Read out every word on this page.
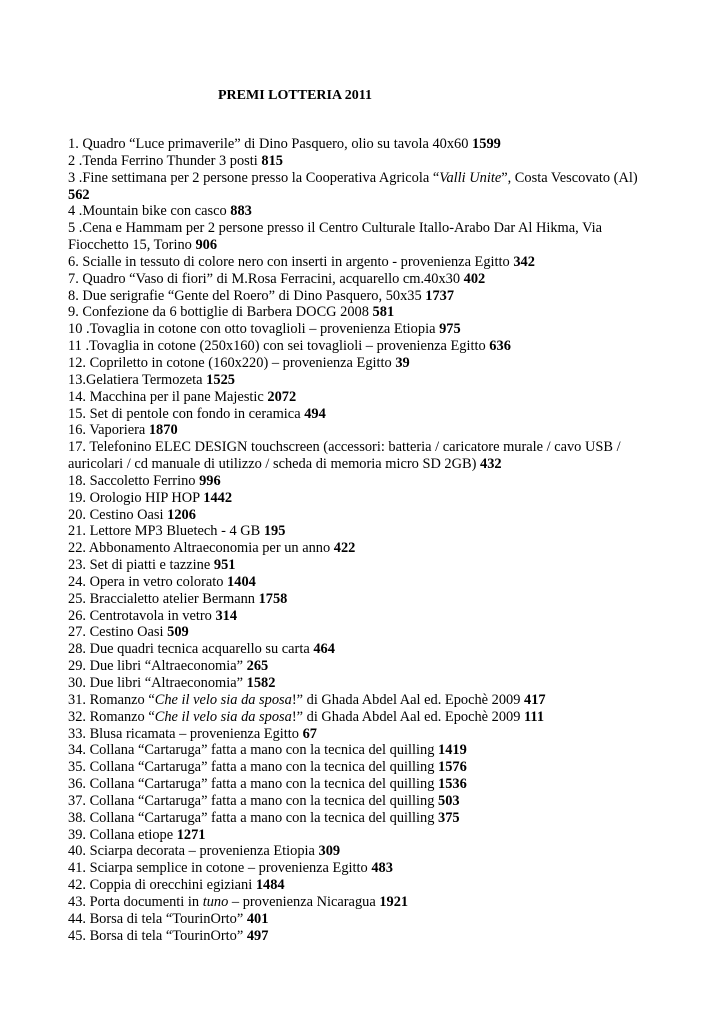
PREMI LOTTERIA 2011
1. Quadro “Luce primaverile” di Dino Pasquero, olio su tavola 40x60 1599
2 .Tenda Ferrino Thunder 3 posti 815
3 .Fine settimana per 2 persone presso la Cooperativa Agricola “Valli Unite”, Costa Vescovato (Al) 562
4 .Mountain bike con casco 883
5 .Cena e Hammam per 2 persone presso il Centro Culturale Itallo-Arabo Dar Al Hikma, Via Fiocchetto 15, Torino 906
6. Scialle in tessuto di colore nero con inserti in argento - provenienza Egitto 342
7. Quadro “Vaso di fiori” di M.Rosa Ferracini, acquarello cm.40x30 402
8. Due serigrafie “Gente del Roero” di Dino Pasquero, 50x35 1737
9. Confezione da 6 bottiglie di Barbera DOCG 2008 581
10 .Tovaglia in cotone con otto tovaglioli – provenienza Etiopia 975
11 .Tovaglia in cotone (250x160) con sei tovaglioli – provenienza Egitto 636
12. Copriletto in cotone (160x220) – provenienza Egitto 39
13.Gelatiera Termozeta 1525
14. Macchina per il pane Majestic 2072
15. Set di pentole con fondo in ceramica 494
16. Vaporiera 1870
17. Telefonino ELEC DESIGN touchscreen (accessori: batteria / caricatore murale / cavo USB / auricolari / cd manuale di utilizzo / scheda di memoria micro SD 2GB) 432
18. Saccoletto Ferrino 996
19. Orologio HIP HOP 1442
20. Cestino Oasi 1206
21. Lettore MP3 Bluetech - 4 GB 195
22. Abbonamento Altraeconomia per un anno 422
23. Set di piatti e tazzine 951
24. Opera in vetro colorato 1404
25. Braccialetto atelier Bermann 1758
26. Centrotavola in vetro 314
27. Cestino Oasi 509
28. Due quadri tecnica acquarello su carta 464
29. Due libri “Altraeconomia” 265
30. Due libri “Altraeconomia” 1582
31. Romanzo “Che il velo sia da sposa!” di Ghada Abdel Aal ed. Epochè 2009 417
32. Romanzo “Che il velo sia da sposa!” di Ghada Abdel Aal ed. Epochè 2009 111
33. Blusa ricamata – provenienza Egitto 67
34. Collana “Cartaruga” fatta a mano con la tecnica del quilling 1419
35. Collana “Cartaruga” fatta a mano con la tecnica del quilling 1576
36. Collana “Cartaruga” fatta a mano con la tecnica del quilling 1536
37. Collana “Cartaruga” fatta a mano con la tecnica del quilling 503
38. Collana “Cartaruga” fatta a mano con la tecnica del quilling 375
39. Collana etiope 1271
40. Sciarpa decorata – provenienza Etiopia 309
41. Sciarpa semplice in cotone – provenienza Egitto 483
42. Coppia di orecchini egiziani 1484
43. Porta documenti in tuno – provenienza Nicaragua 1921
44. Borsa di tela “TourinOrto” 401
45. Borsa di tela “TourinOrto” 497
